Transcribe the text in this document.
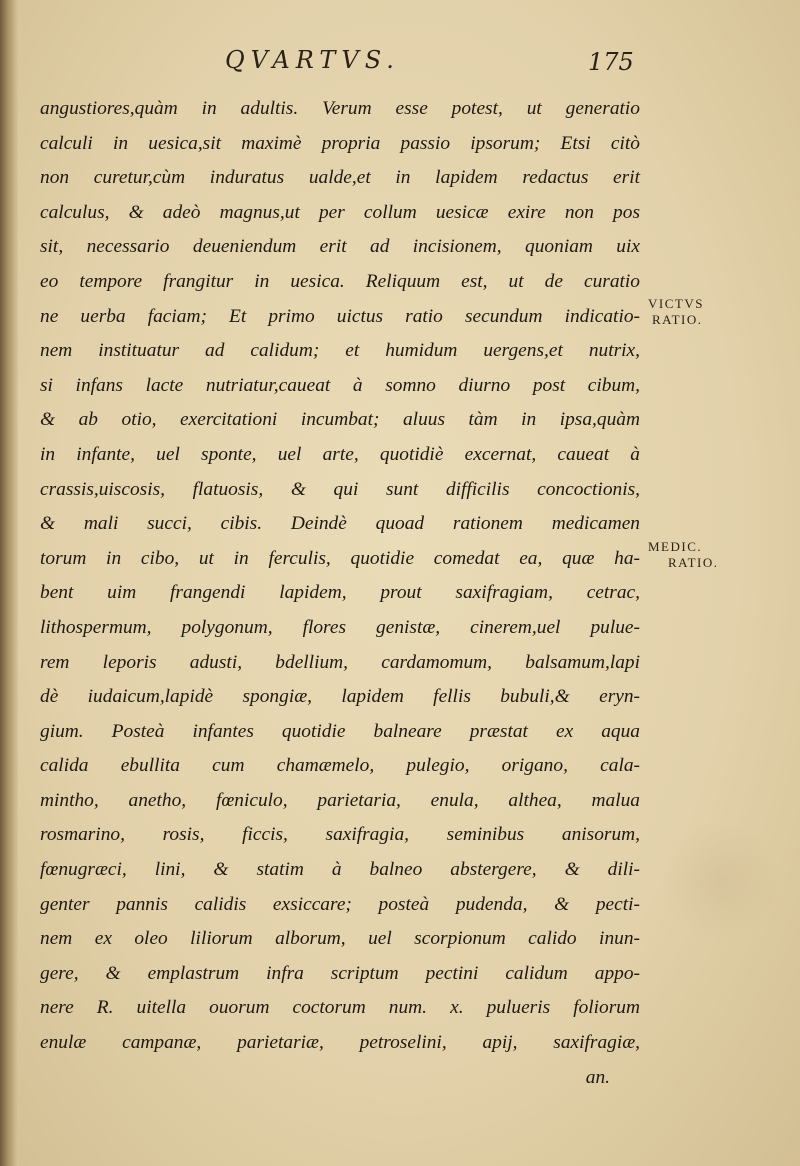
QVARTVS.	175
angustiores,quàm in adultis. Verum esse potest, ut generatio
calculi in uesica,sit maximè propria passio ipsorum; Etsi citò
non curetur,cùm induratus ualde,et in lapidem redactus erit
calculus, & adeò magnus,ut per collum uesicæ exire non pos
sit, necessario deueniendum erit ad incisionem, quoniam uix
eo tempore frangitur in uesica. Reliquum est, ut de curatio
ne uerba faciam; Et primo uictus ratio secundum indicatio-
nem instituatur ad calidum; et humidum uergens,et nutrix,
si infans lacte nutriatur,caueat à somno diurno post cibum,
& ab otio, exercitationi incumbat; aluus tàm in ipsa,quàm
in infante, uel sponte, uel arte, quotidiè excernat, caueat à
crassis,uiscosis, flatuosis, & qui sunt difficilis concoctionis,
& mali succi, cibis. Deindè quoad rationem medicamen
torum in cibo, ut in ferculis, quotidie comedat ea, quæ ha-
bent uim frangendi lapidem, prout saxifragiam, cetrac,
lithospermum, polygonum, flores genistæ, cinerem,uel pulue-
rem leporis adusti, bdellium, cardamomum, balsamum,lapi
dè iudaicum,lapidè spongiæ, lapidem fellis bubuli,& eryn-
gium. Posteà infantes quotidie balneare præstat ex aqua
calida ebullita cum chamæmelo, pulegio, origano, cala-
mintho, anetho, fœniculo, parietaria, enula, althea, malua
rosmarino, rosis, ficcis, saxifragia, seminibus anisorum,
fœnugræci, lini, & statim à balneo abstergere, & dili-
genter pannis calidis exsiccare; posteà pudenda, & pecti-
nem ex oleo liliorum alborum, uel scorpionum calido inun-
gere, & emplastrum infra scriptum pectini calidum appo-
nere R. uitella ouorum coctorum num. x. pulueris foliorum
enulæ campanæ, parietariæ, petroselini, apij, saxifragiæ,
an.
VICTVS
RATIO.
MEDIC.
RATIO.
